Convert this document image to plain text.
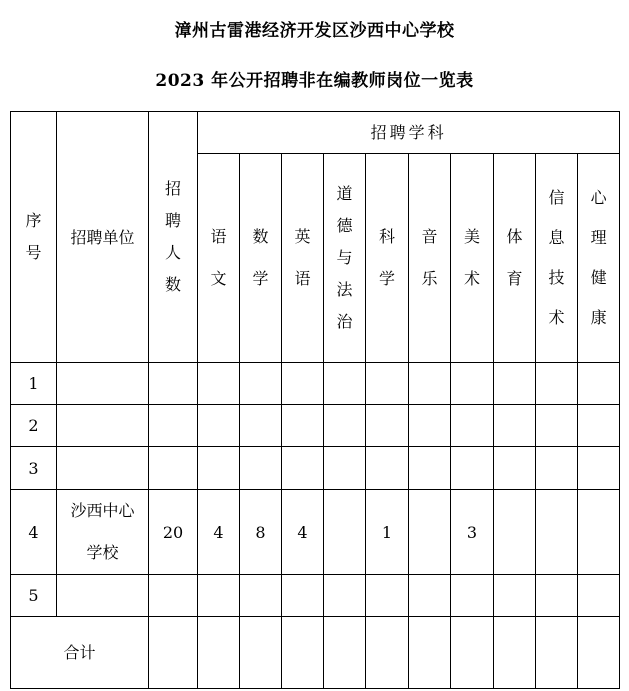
漳州古雷港经济开发区沙西中心学校
2023 年公开招聘非在编教师岗位一览表
序号	招聘单位	招聘人数	招聘学科									
			语文	数学	英语	道德与法治	科学	音乐	美术	体育	信息技术	心理健康
1												
2												
3												
4	沙西中心学校	20	4	8	4		1		3			
5												
合计												
